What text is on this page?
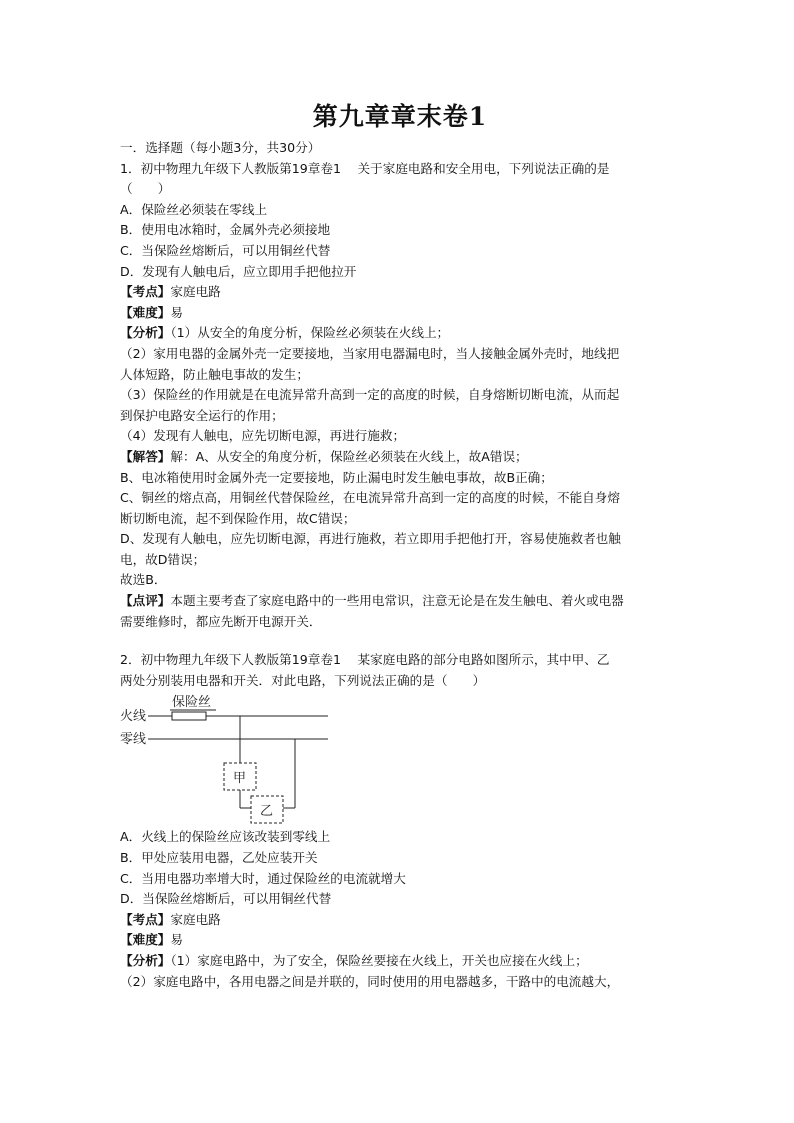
第九章章末卷1
一．选择题（每小题3分，共30分）
1．初中物理九年级下人教版第19章卷1　 关于家庭电路和安全用电，下列说法正确的是
（　　）
A．保险丝必须装在零线上
B．使用电冰箱时，金属外壳必须接地
C．当保险丝熔断后，可以用铜丝代替
D．发现有人触电后，应立即用手把他拉开
【考点】家庭电路
【难度】易
【分析】（1）从安全的角度分析，保险丝必须装在火线上；
（2）家用电器的金属外壳一定要接地，当家用电器漏电时，当人接触金属外壳时，地线把
人体短路，防止触电事故的发生；
（3）保险丝的作用就是在电流异常升高到一定的高度的时候，自身熔断切断电流，从而起
到保护电路安全运行的作用；
（4）发现有人触电，应先切断电源，再进行施救；
【解答】解：A、从安全的角度分析，保险丝必须装在火线上，故A错误；
B、电冰箱使用时金属外壳一定要接地，防止漏电时发生触电事故，故B正确；
C、铜丝的熔点高，用铜丝代替保险丝，在电流异常升高到一定的高度的时候，不能自身熔
断切断电流，起不到保险作用，故C错误；
D、发现有人触电，应先切断电源，再进行施救，若立即用手把他打开，容易使施救者也触
电，故D错误；
故选B．
【点评】本题主要考查了家庭电路中的一些用电常识，注意无论是在发生触电、着火或电器
需要维修时，都应先断开电源开关．
2．初中物理九年级下人教版第19章卷1　 某家庭电路的部分电路如图所示，其中甲、乙
两处分别装用电器和开关．对此电路，下列说法正确的是（　　）
保险丝
火线
零线
甲
乙
A．火线上的保险丝应该改装到零线上
B．甲处应装用电器，乙处应装开关
C．当用电器功率增大时，通过保险丝的电流就增大
D．当保险丝熔断后，可以用铜丝代替
【考点】家庭电路
【难度】易
【分析】（1）家庭电路中，为了安全，保险丝要接在火线上，开关也应接在火线上；
（2）家庭电路中，各用电器之间是并联的，同时使用的用电器越多，干路中的电流越大，
